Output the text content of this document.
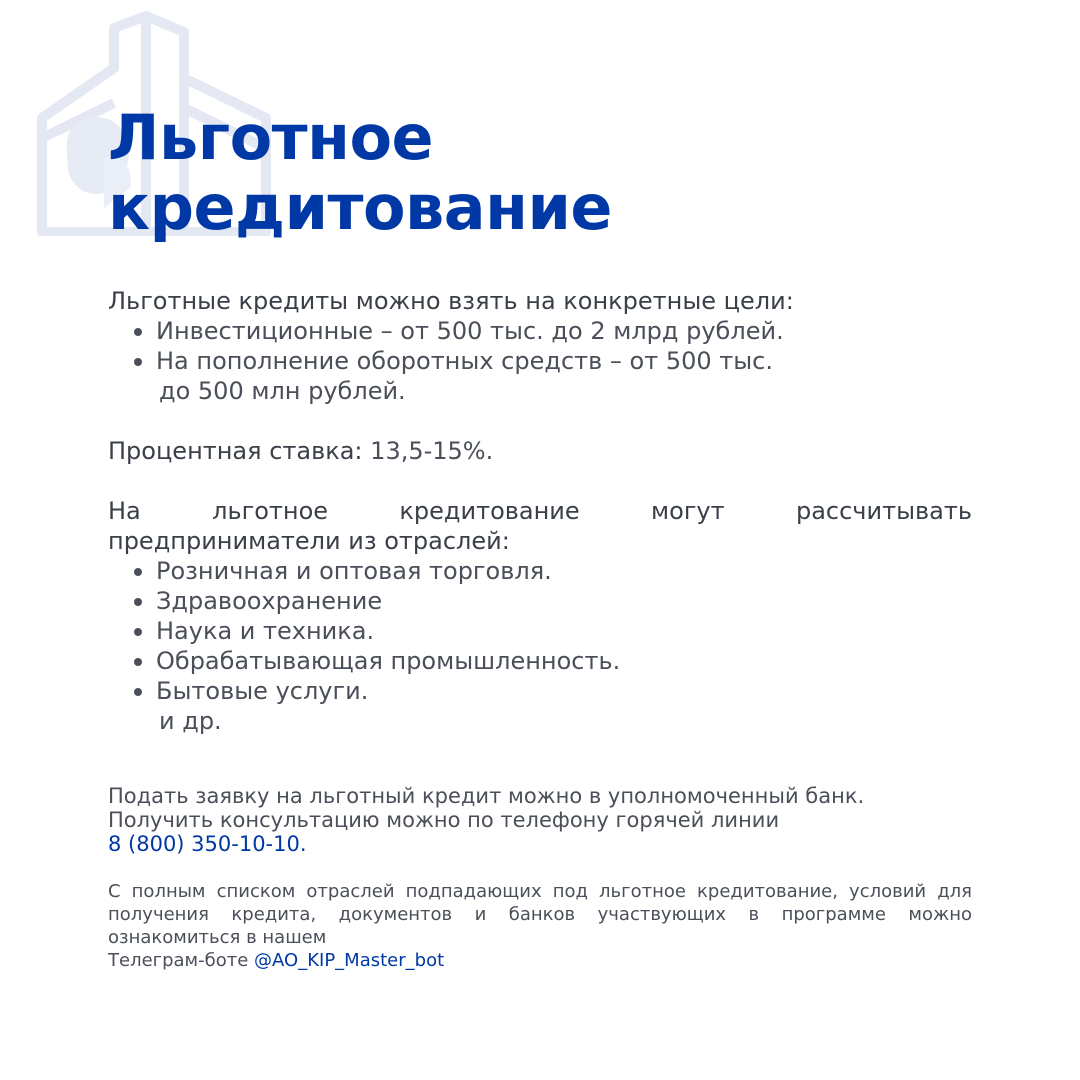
Льготное
кредитование
Льготные кредиты можно взять на конкретные цели:
Инвестиционные – от 500 тыс. до 2 млрд рублей.
На пополнение оборотных средств – от 500 тыс.
до 500 млн рублей.
Процентная ставка: 13,5-15%.
На льготное кредитование могут рассчитывать
предприниматели из отраслей:
Розничная и оптовая торговля.
Здравоохранение
Наука и техника.
Обрабатывающая промышленность.
Бытовые услуги.
и др.
Подать заявку на льготный кредит можно в уполномоченный банк.
Получить консультацию можно по телефону горячей линии
8 (800) 350-10-10.
С полным списком отраслей подпадающих под льготное кредитование, условий для получения кредита, документов и банков участвующих в программе можно ознакомиться в нашем
Телеграм-боте @AO_KIP_Master_bot
